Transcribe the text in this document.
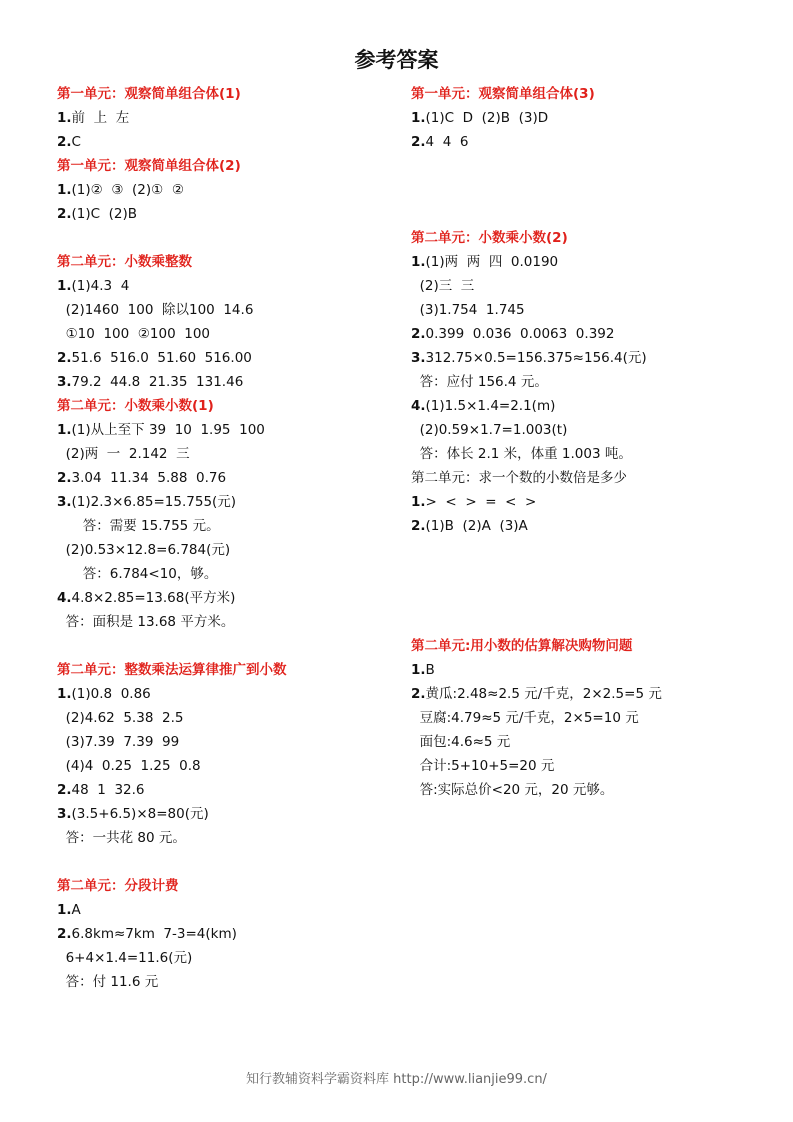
参考答案
第一单元：观察简单组合体(1)
1.前  上  左
2.C
第一单元：观察简单组合体(2)
1.(1)②  ③  (2)①  ②
2.(1)C  (2)B
第二单元：小数乘整数
1.(1)4.3  4
(2)1460  100  除以100  14.6
①10  100  ②100  100
2.51.6  516.0  51.60  516.00
3.79.2  44.8  21.35  131.46
第二单元：小数乘小数(1)
1.(1)从上至下 39  10  1.95  100
(2)两  一  2.142  三
2.3.04  11.34  5.88  0.76
3.(1)2.3×6.85=15.755(元)
答：需要 15.755 元。
(2)0.53×12.8=6.784(元)
答：6.784<10，够。
4.4.8×2.85=13.68(平方米)
答：面积是 13.68 平方米。
第二单元：整数乘法运算律推广到小数
1.(1)0.8  0.86
(2)4.62  5.38  2.5
(3)7.39  7.39  99
(4)4  0.25  1.25  0.8
2.48  1  32.6
3.(3.5+6.5)×8=80(元)
答：一共花 80 元。
第二单元：分段计费
1.A
2.6.8km≈7km  7-3=4(km)
6+4×1.4=11.6(元)
答：付 11.6 元
第一单元：观察简单组合体(3)
1.(1)C  D  (2)B  (3)D
2.4  4  6
第二单元：小数乘小数(2)
1.(1)两  两  四  0.0190
(2)三  三
(3)1.754  1.745
2.0.399  0.036  0.0063  0.392
3.312.75×0.5=156.375≈156.4(元)
答：应付 156.4 元。
4.(1)1.5×1.4=2.1(m)
(2)0.59×1.7=1.003(t)
答：体长 2.1 米，体重 1.003 吨。
第二单元：求一个数的小数倍是多少
1.>  <  >  =  <  >
2.(1)B  (2)A  (3)A
第二单元:用小数的估算解决购物问题
1.B
2.黄瓜:2.48≈2.5 元/千克，2×2.5=5 元
豆腐:4.79≈5 元/千克，2×5=10 元
面包:4.6≈5 元
合计:5+10+5=20 元
答:实际总价<20 元，20 元够。
知行教辅资料学霸资料库 http://www.lianjie99.cn/
